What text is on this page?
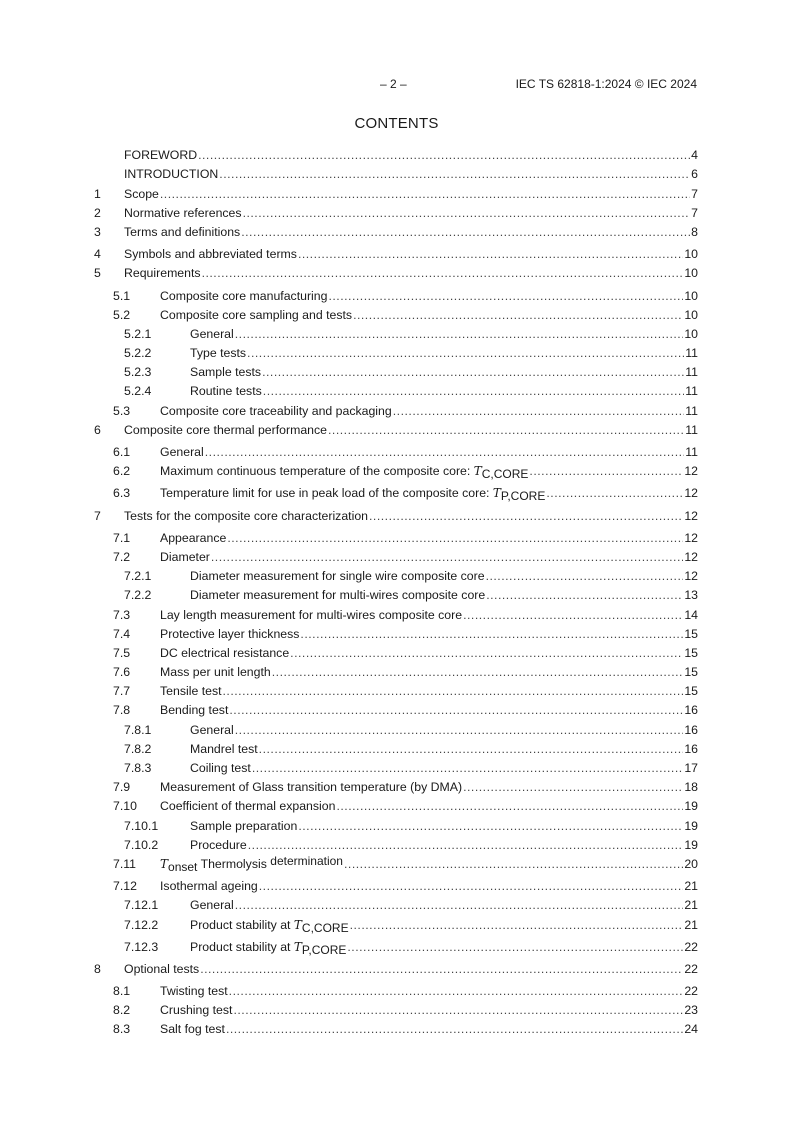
– 2 –	IEC TS 62818-1:2024 © IEC 2024
CONTENTS
FOREWORD .....	4
INTRODUCTION .....	6
1	Scope .....	7
2	Normative references .....	7
3	Terms and definitions .....	8
4	Symbols and abbreviated terms .....	10
5	Requirements .....	10
5.1	Composite core manufacturing .....	10
5.2	Composite core sampling and tests .....	10
5.2.1	General .....	10
5.2.2	Type tests .....	11
5.2.3	Sample tests .....	11
5.2.4	Routine tests .....	11
5.3	Composite core traceability and packaging .....	11
6	Composite core thermal performance .....	11
6.1	General .....	11
6.2	Maximum continuous temperature of the composite core: TC,CORE .....	12
6.3	Temperature limit for use in peak load of the composite core: TP,CORE .....	12
7	Tests for the composite core characterization .....	12
7.1	Appearance .....	12
7.2	Diameter .....	12
7.2.1	Diameter measurement for single wire composite core .....	12
7.2.2	Diameter measurement for multi-wires composite core .....	13
7.3	Lay length measurement for multi-wires composite core .....	14
7.4	Protective layer thickness .....	15
7.5	DC electrical resistance .....	15
7.6	Mass per unit length .....	15
7.7	Tensile test .....	15
7.8	Bending test .....	16
7.8.1	General .....	16
7.8.2	Mandrel test .....	16
7.8.3	Coiling test .....	17
7.9	Measurement of Glass transition temperature (by DMA) .....	18
7.10	Coefficient of thermal expansion .....	19
7.10.1	Sample preparation .....	19
7.10.2	Procedure .....	19
7.11	Tonset Thermolysis determination .....	20
7.12	Isothermal ageing .....	21
7.12.1	General .....	21
7.12.2	Product stability at TC,CORE .....	21
7.12.3	Product stability at TP,CORE .....	22
8	Optional tests .....	22
8.1	Twisting test .....	22
8.2	Crushing test .....	23
8.3	Salt fog test .....	24
